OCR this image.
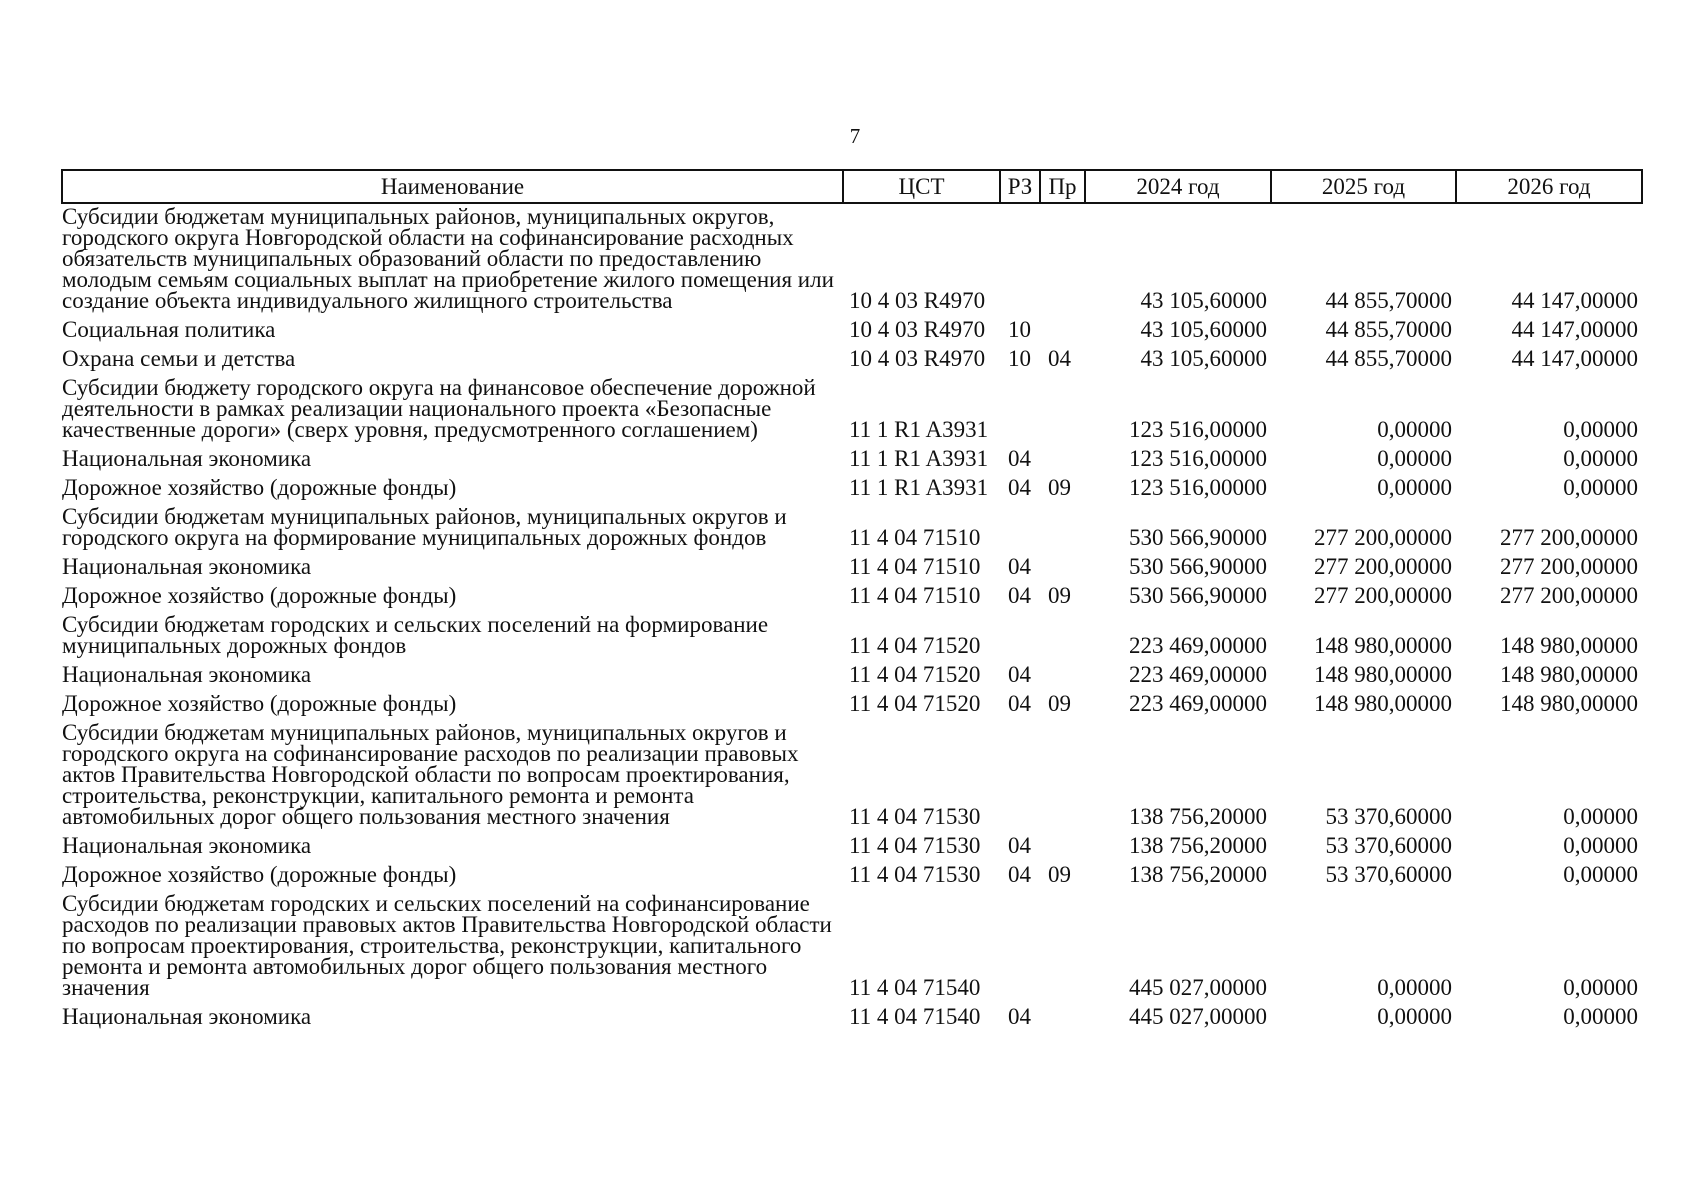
7
Наименование	ЦСТ	РЗ	Пр	2024 год	2025 год	2026 год
Субсидии бюджетам муниципальных районов, муниципальных округов, городского округа Новгородской области на софинансирование расходных обязательств муниципальных образований области по предоставлению молодым семьям социальных выплат на приобретение жилого помещения или создание объекта индивидуального жилищного строительства	10 4 03 R4970			43 105,60000	44 855,70000	44 147,00000
Социальная политика	10 4 03 R4970	10		43 105,60000	44 855,70000	44 147,00000
Охрана семьи и детства	10 4 03 R4970	10	04	43 105,60000	44 855,70000	44 147,00000
Субсидии бюджету городского округа на финансовое обеспечение дорожной деятельности в рамках реализации национального проекта «Безопасные качественные дороги» (сверх уровня, предусмотренного соглашением)	11 1 R1 A3931			123 516,00000	0,00000	0,00000
Национальная экономика	11 1 R1 A3931	04		123 516,00000	0,00000	0,00000
Дорожное хозяйство (дорожные фонды)	11 1 R1 A3931	04	09	123 516,00000	0,00000	0,00000
Субсидии бюджетам муниципальных районов, муниципальных округов и городского округа на формирование муниципальных дорожных фондов	11 4 04 71510			530 566,90000	277 200,00000	277 200,00000
Национальная экономика	11 4 04 71510	04		530 566,90000	277 200,00000	277 200,00000
Дорожное хозяйство (дорожные фонды)	11 4 04 71510	04	09	530 566,90000	277 200,00000	277 200,00000
Субсидии бюджетам городских и сельских поселений на формирование муниципальных дорожных фондов	11 4 04 71520			223 469,00000	148 980,00000	148 980,00000
Национальная экономика	11 4 04 71520	04		223 469,00000	148 980,00000	148 980,00000
Дорожное хозяйство (дорожные фонды)	11 4 04 71520	04	09	223 469,00000	148 980,00000	148 980,00000
Субсидии бюджетам муниципальных районов, муниципальных округов и городского округа на софинансирование расходов по реализации правовых актов Правительства Новгородской области по вопросам проектирования, строительства, реконструкции, капитального ремонта и ремонта автомобильных дорог общего пользования местного значения	11 4 04 71530			138 756,20000	53 370,60000	0,00000
Национальная экономика	11 4 04 71530	04		138 756,20000	53 370,60000	0,00000
Дорожное хозяйство (дорожные фонды)	11 4 04 71530	04	09	138 756,20000	53 370,60000	0,00000
Субсидии бюджетам городских и сельских поселений на софинансирование расходов по реализации правовых актов Правительства Новгородской области по вопросам проектирования, строительства, реконструкции, капитального ремонта и ремонта автомобильных дорог общего пользования местного значения	11 4 04 71540			445 027,00000	0,00000	0,00000
Национальная экономика	11 4 04 71540	04		445 027,00000	0,00000	0,00000
